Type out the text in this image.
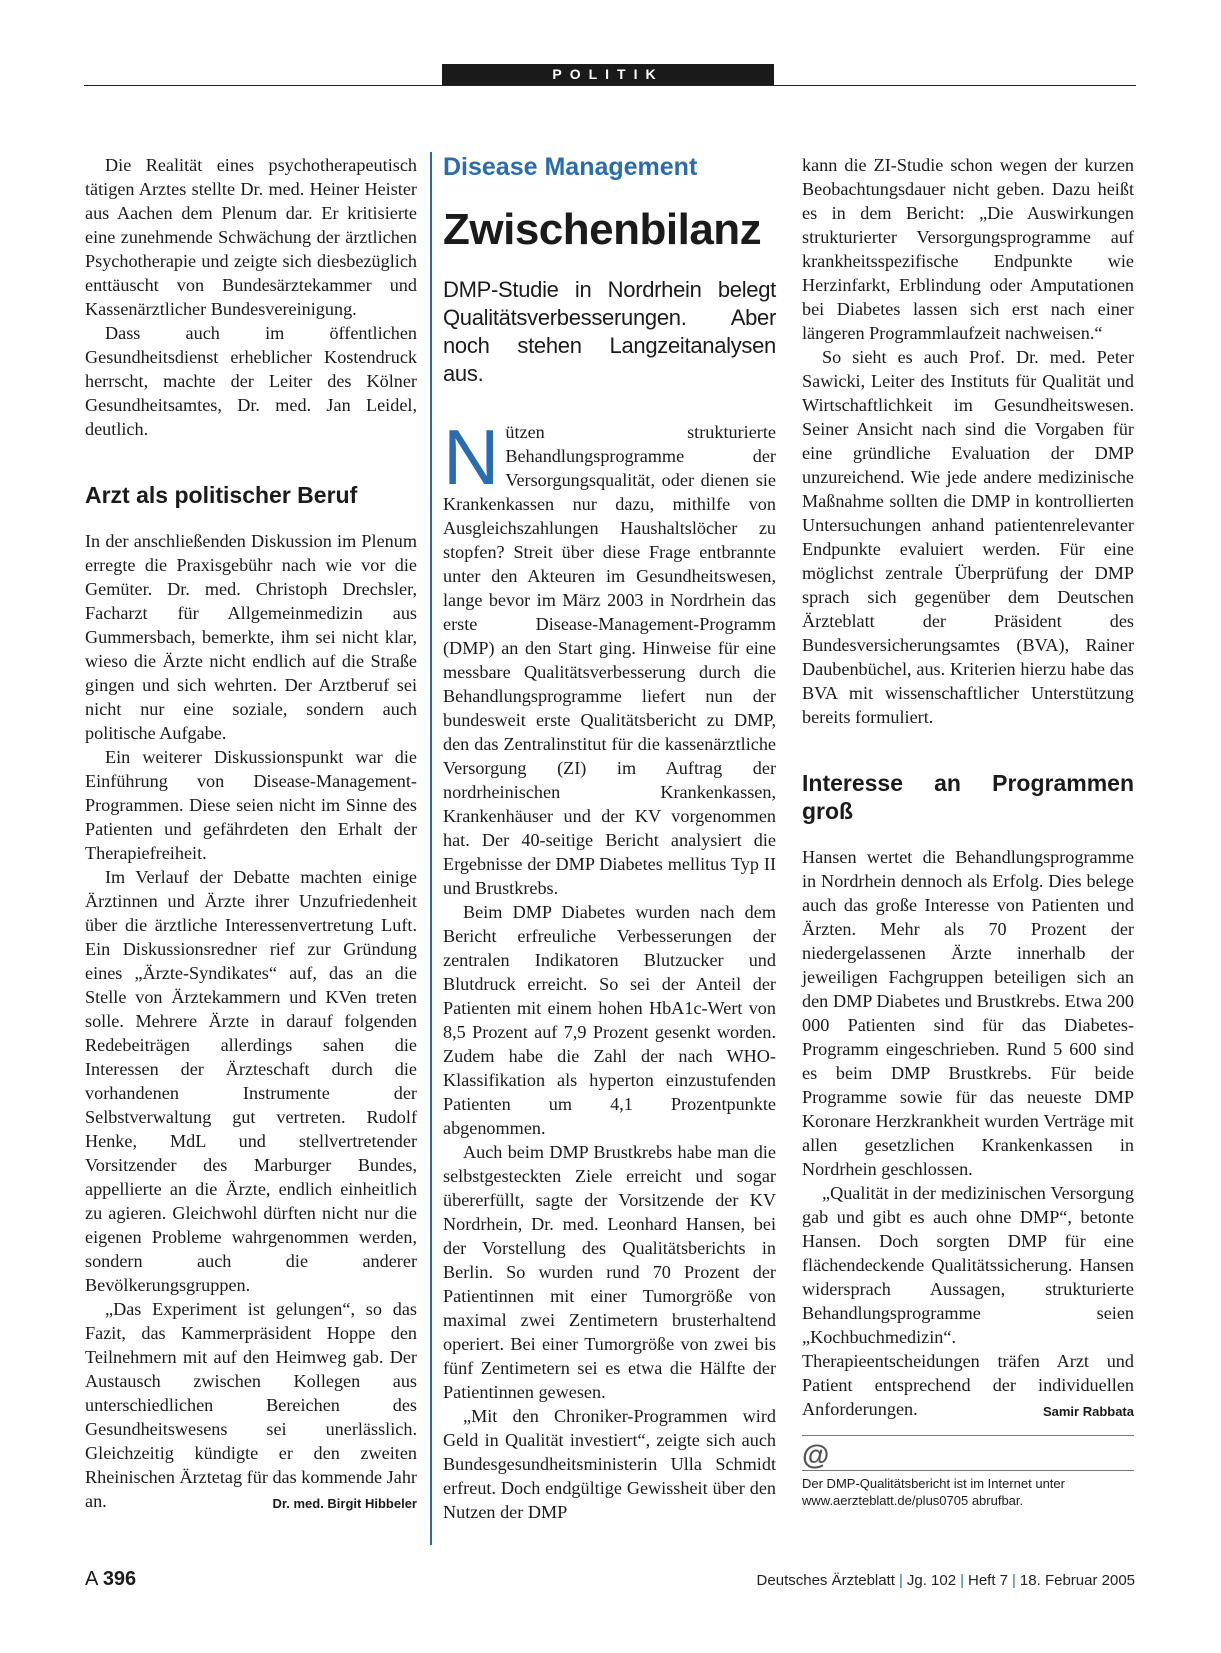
POLITIK

Die Realität eines psychotherapeutisch tätigen Arztes stellte Dr. med. Heiner Heister aus Aachen dem Plenum dar. Er kritisierte eine zunehmende Schwächung der ärztlichen Psychotherapie und zeigte sich diesbezüglich enttäuscht von Bundesärztekammer und Kassenärztlicher Bundesvereinigung.

Dass auch im öffentlichen Gesundheitsdienst erheblicher Kostendruck herrscht, machte der Leiter des Kölner Gesundheitsamtes, Dr. med. Jan Leidel, deutlich.

Arzt als politischer Beruf

In der anschließenden Diskussion im Plenum erregte die Praxisgebühr nach wie vor die Gemüter. Dr. med. Christoph Drechsler, Facharzt für Allgemeinmedizin aus Gummersbach, bemerkte, ihm sei nicht klar, wieso die Ärzte nicht endlich auf die Straße gingen und sich wehrten. Der Arztberuf sei nicht nur eine soziale, sondern auch politische Aufgabe.

Ein weiterer Diskussionspunkt war die Einführung von Disease-Management-Programmen. Diese seien nicht im Sinne des Patienten und gefährdeten den Erhalt der Therapiefreiheit.

Im Verlauf der Debatte machten einige Ärztinnen und Ärzte ihrer Unzufriedenheit über die ärztliche Interessenvertretung Luft. Ein Diskussionsredner rief zur Gründung eines „Ärzte-Syndikates“ auf, das an die Stelle von Ärztekammern und KVen treten solle. Mehrere Ärzte in darauf folgenden Redebeiträgen allerdings sahen die Interessen der Ärzteschaft durch die vorhandenen Instrumente der Selbstverwaltung gut vertreten. Rudolf Henke, MdL und stellvertretender Vorsitzender des Marburger Bundes, appellierte an die Ärzte, endlich einheitlich zu agieren. Gleichwohl dürften nicht nur die eigenen Probleme wahrgenommen werden, sondern auch die anderer Bevölkerungsgruppen.

„Das Experiment ist gelungen“, so das Fazit, das Kammerpräsident Hoppe den Teilnehmern mit auf den Heimweg gab. Der Austausch zwischen Kollegen aus unterschiedlichen Bereichen des Gesundheitswesens sei unerlässlich. Gleichzeitig kündigte er den zweiten Rheinischen Ärztetag für das kommende Jahr an.	Dr. med. Birgit Hibbeler

Disease Management
Zwischenbilanz
DMP-Studie in Nordrhein belegt Qualitätsverbesserungen. Aber noch stehen Langzeitanalysen aus.

Nützen strukturierte Behandlungsprogramme der Versorgungsqualität, oder dienen sie Krankenkassen nur dazu, mithilfe von Ausgleichszahlungen Haushaltslöcher zu stopfen? Streit über diese Frage entbrannte unter den Akteuren im Gesundheitswesen, lange bevor im März 2003 in Nordrhein das erste Disease-Management-Programm (DMP) an den Start ging. Hinweise für eine messbare Qualitätsverbesserung durch die Behandlungsprogramme liefert nun der bundesweit erste Qualitätsbericht zu DMP, den das Zentralinstitut für die kassenärztliche Versorgung (ZI) im Auftrag der nordrheinischen Krankenkassen, Krankenhäuser und der KV vorgenommen hat. Der 40-seitige Bericht analysiert die Ergebnisse der DMP Diabetes mellitus Typ II und Brustkrebs.

Beim DMP Diabetes wurden nach dem Bericht erfreuliche Verbesserungen der zentralen Indikatoren Blutzucker und Blutdruck erreicht. So sei der Anteil der Patienten mit einem hohen HbA1c-Wert von 8,5 Prozent auf 7,9 Prozent gesenkt worden. Zudem habe die Zahl der nach WHO-Klassifikation als hyperton einzustufenden Patienten um 4,1 Prozentpunkte abgenommen.

Auch beim DMP Brustkrebs habe man die selbstgesteckten Ziele erreicht und sogar übererfüllt, sagte der Vorsitzende der KV Nordrhein, Dr. med. Leonhard Hansen, bei der Vorstellung des Qualitätsberichts in Berlin. So wurden rund 70 Prozent der Patientinnen mit einer Tumorgröße von maximal zwei Zentimetern brusterhaltend operiert. Bei einer Tumorgröße von zwei bis fünf Zentimetern sei es etwa die Hälfte der Patientinnen gewesen.

„Mit den Chroniker-Programmen wird Geld in Qualität investiert“, zeigte sich auch Bundesgesundheitsministerin Ulla Schmidt erfreut. Doch endgültige Gewissheit über den Nutzen der DMP

kann die ZI-Studie schon wegen der kurzen Beobachtungsdauer nicht geben. Dazu heißt es in dem Bericht: „Die Auswirkungen strukturierter Versorgungsprogramme auf krankheitsspezifische Endpunkte wie Herzinfarkt, Erblindung oder Amputationen bei Diabetes lassen sich erst nach einer längeren Programmlaufzeit nachweisen.“

So sieht es auch Prof. Dr. med. Peter Sawicki, Leiter des Instituts für Qualität und Wirtschaftlichkeit im Gesundheitswesen. Seiner Ansicht nach sind die Vorgaben für eine gründliche Evaluation der DMP unzureichend. Wie jede andere medizinische Maßnahme sollten die DMP in kontrollierten Untersuchungen anhand patientenrelevanter Endpunkte evaluiert werden. Für eine möglichst zentrale Überprüfung der DMP sprach sich gegenüber dem Deutschen Ärzteblatt der Präsident des Bundesversicherungsamtes (BVA), Rainer Daubenbüchel, aus. Kriterien hierzu habe das BVA mit wissenschaftlicher Unterstützung bereits formuliert.

Interesse an Programmen groß

Hansen wertet die Behandlungsprogramme in Nordrhein dennoch als Erfolg. Dies belege auch das große Interesse von Patienten und Ärzten. Mehr als 70 Prozent der niedergelassenen Ärzte innerhalb der jeweiligen Fachgruppen beteiligen sich an den DMP Diabetes und Brustkrebs. Etwa 200 000 Patienten sind für das Diabetes-Programm eingeschrieben. Rund 5 600 sind es beim DMP Brustkrebs. Für beide Programme sowie für das neueste DMP Koronare Herzkrankheit wurden Verträge mit allen gesetzlichen Krankenkassen in Nordrhein geschlossen.

„Qualität in der medizinischen Versorgung gab und gibt es auch ohne DMP“, betonte Hansen. Doch sorgten DMP für eine flächendeckende Qualitätssicherung. Hansen widersprach Aussagen, strukturierte Behandlungsprogramme seien „Kochbuchmedizin“. Therapieentscheidungen träfen Arzt und Patient entsprechend der individuellen Anforderungen.	Samir Rabbata

@
Der DMP-Qualitätsbericht ist im Internet unter www.aerzteblatt.de/plus0705 abrufbar.
A 396	Deutsches Ärzteblatt | Jg. 102 | Heft 7 | 18. Februar 2005
